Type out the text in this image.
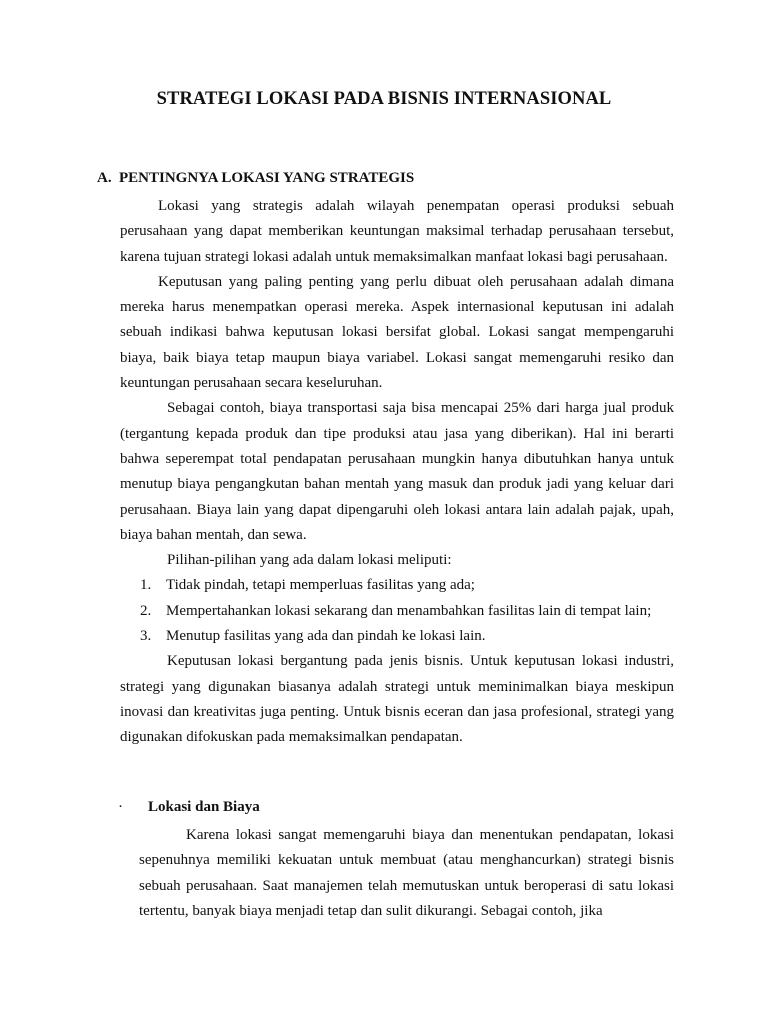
STRATEGI LOKASI PADA BISNIS INTERNASIONAL
A. PENTINGNYA LOKASI YANG STRATEGIS

Lokasi yang strategis adalah wilayah penempatan operasi produksi sebuah perusahaan yang dapat memberikan keuntungan maksimal terhadap perusahaan tersebut, karena tujuan strategi lokasi adalah untuk memaksimalkan manfaat lokasi bagi perusahaan.

Keputusan yang paling penting yang perlu dibuat oleh perusahaan adalah dimana mereka harus menempatkan operasi mereka. Aspek internasional keputusan ini adalah sebuah indikasi bahwa keputusan lokasi bersifat global. Lokasi sangat mempengaruhi biaya, baik biaya tetap maupun biaya variabel. Lokasi sangat memengaruhi resiko dan keuntungan perusahaan secara keseluruhan.

Sebagai contoh, biaya transportasi saja bisa mencapai 25% dari harga jual produk (tergantung kepada produk dan tipe produksi atau jasa yang diberikan). Hal ini berarti bahwa seperempat total pendapatan perusahaan mungkin hanya dibutuhkan hanya untuk menutup biaya pengangkutan bahan mentah yang masuk dan produk jadi yang keluar dari perusahaan. Biaya lain yang dapat dipengaruhi oleh lokasi antara lain adalah pajak, upah, biaya bahan mentah, dan sewa.

Pilihan-pilihan yang ada dalam lokasi meliputi:

1. Tidak pindah, tetapi memperluas fasilitas yang ada;
2. Mempertahankan lokasi sekarang dan menambahkan fasilitas lain di tempat lain;
3. Menutup fasilitas yang ada dan pindah ke lokasi lain.

Keputusan lokasi bergantung pada jenis bisnis. Untuk keputusan lokasi industri, strategi yang digunakan biasanya adalah strategi untuk meminimalkan biaya meskipun inovasi dan kreativitas juga penting. Untuk bisnis eceran dan jasa profesional, strategi yang digunakan difokuskan pada memaksimalkan pendapatan.

· Lokasi dan Biaya

Karena lokasi sangat memengaruhi biaya dan menentukan pendapatan, lokasi sepenuhnya memiliki kekuatan untuk membuat (atau menghancurkan) strategi bisnis sebuah perusahaan. Saat manajemen telah memutuskan untuk beroperasi di satu lokasi tertentu, banyak biaya menjadi tetap dan sulit dikurangi. Sebagai contoh, jika
